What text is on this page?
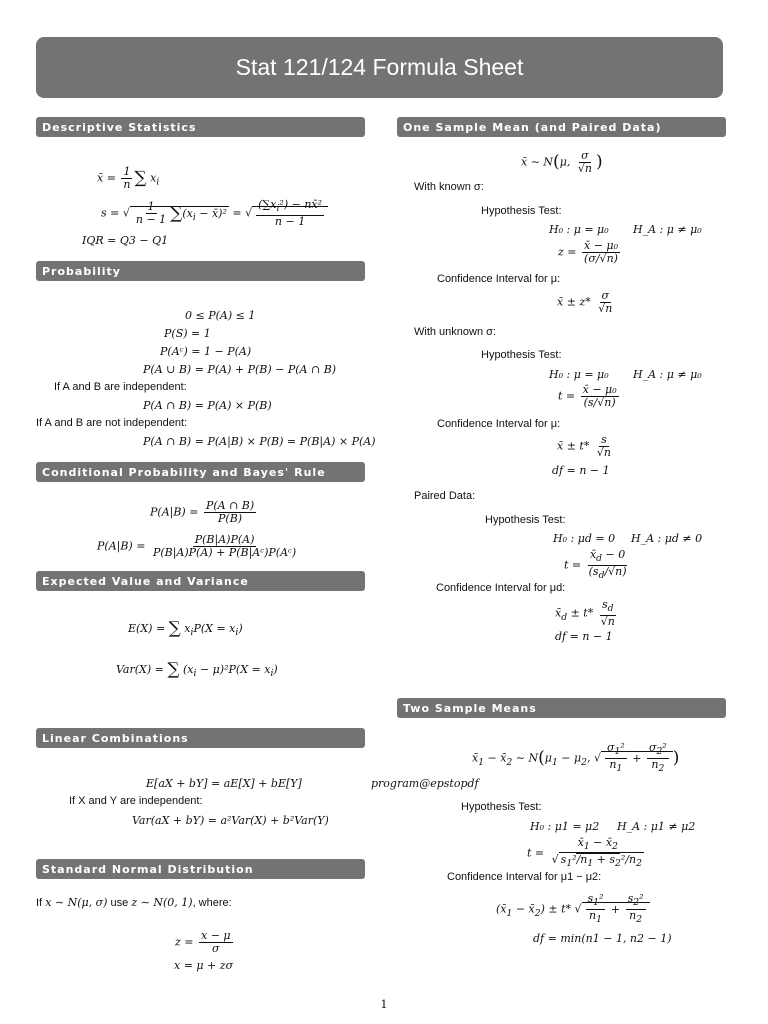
Stat 121/124 Formula Sheet
Descriptive Statistics
x̄ = $\frac{1}{n}$ ∑ $x_i$
s = √ $\frac{1}{n - 1} \sum(x_i$ − x̄)² = √ $\frac{(\sum x_i^2) - nx̄^2}{n - 1}$
IQR = Q3 − Q1
Probability
0 ≤ P(A) ≤ 1
P(S) = 1
P(Aᶜ) = 1 − P(A)
P(A ∪ B) = P(A) + P(B) − P(A ∩ B)
If A and B are independent:
P(A ∩ B) = P(A) × P(B)
If A and B are not independent:
P(A ∩ B) = P(A|B) × P(B) = P(B|A) × P(A)
Conditional Probability and Bayes' Rule
$P(A|B) = \frac{P(A \cap B)}{P(B)}$
$P(A|B) = \frac{P(B|A)P(A)}{\text{P(B|A)P(A) + P(B|Aᶜ)P(Aᶜ)}}$
Expected Value and Variance
E(X) = ∑ $x_iP(X = x_i)$
Var(X) = ∑ $(x_i - \mu)^2P(X = x_i)$
Linear Combinations
E[aX + bY] = aE[X] + bE[Y]
If X and Y are independent:
Var(aX + bY) = a²Var(X) + b²Var(Y)
Standard Normal Distribution
If x ∼ N(μ, σ) use z ∼ N(0, 1), where:
$z = \frac{x - \mu}{\sigma}$
x = μ + zσ
One Sample Mean (and Paired Data)
x̄ ∼ N(μ, $\frac{\sigma}{√n}$ )
With known σ:
Hypothesis Test:
H₀ : μ = μ₀ H_A : μ ≠ μ₀
$z = \frac{\text{x̄ − μ₀}}{(\sigma/√n)}$
Confidence Interval for μ:
x̄ ± $z* \frac{\sigma}{√n}$
With unknown σ:
Hypothesis Test:
H₀ : μ = μ₀ H_A : μ ≠ μ₀
$t = \frac{\text{x̄ − μ₀}}{(s/√n)}$
Confidence Interval for μ:
x̄ ± $t* \frac{s}{√n}$
df = n − 1
Paired Data:
Hypothesis Test:
H₀ : μd = 0 H_A : μd ≠ 0
$t = \frac{x̄_d - 0}{(s_d/√n)}$
Confidence Interval for μd:
$x̄_d \pm t* \frac{s_d}{√n}$
df = n − 1
Two Sample Means
$x̄_1$ − $x̄_2$ ∼ $N(\mu_1 - \mu_2$, √ $\frac{\sigma_1^2}{n_1} + \frac{\sigma_2^2}{n_2}$ )
program@epstopdf
Hypothesis Test:
H₀ : μ1 = μ2 H_A : μ1 ≠ μ2
$t = \frac{x̄_1 - x̄_2}{√ s_1^2/n_1 + s_2^2/n_2}$
Confidence Interval for μ1 − μ2:
($x̄_1$ − $x̄_2) \pm t*$ √ $\frac{s_1^2}{n_1} + \frac{s_2^2}{n_2}$
df = min(n1 − 1, n2 − 1)
1
